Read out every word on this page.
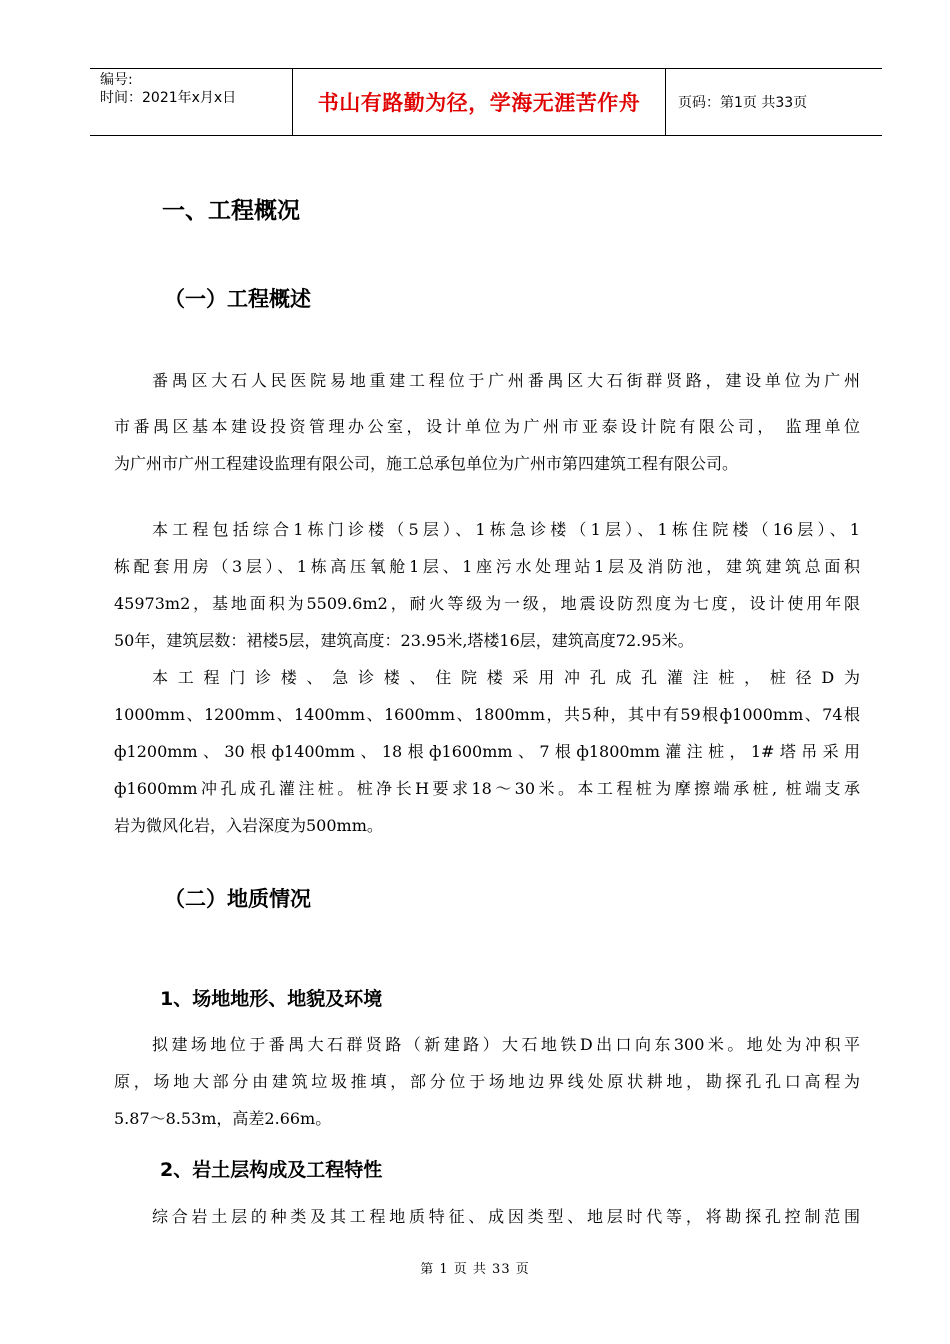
编号:
时间：2021年x月x日	书山有路勤为径，学海无涯苦作舟	页码：第1页 共33页
一、工程概况
（一）工程概述
番禺区大石人民医院易地重建工程位于广州番禺区大石街群贤路，建设单位为广州
市番禺区基本建设投资管理办公室，设计单位为广州市亚泰设计院有限公司， 监理单位
为广州市广州工程建设监理有限公司，施工总承包单位为广州市第四建筑工程有限公司。
本工程包括综合1栋门诊楼（5层）、1栋急诊楼（1层）、1栋住院楼（16层）、1
栋配套用房（3层）、1栋高压氧舱1层、1座污水处理站1层及消防池，建筑建筑总面积
45973m2，基地面积为5509.6m2，耐火等级为一级，地震设防烈度为七度，设计使用年限
50年，建筑层数：裙楼5层，建筑高度：23.95米,塔楼16层，建筑高度72.95米。
本工程门诊楼、急诊楼、住院楼采用冲孔成孔灌注桩，桩径D为
1000mm、1200mm、1400mm、1600mm、1800mm，共5种，其中有59根ф1000mm、74根
ф1200mm、30根ф1400mm、18根ф1600mm、7根ф1800mm灌注桩，1#塔吊采用
ф1600mm冲孔成孔灌注桩。桩净长H要求18～30米。本工程桩为摩擦端承桩, 桩端支承
岩为微风化岩，入岩深度为500mm。
（二）地质情况
1、场地地形、地貌及环境
拟建场地位于番禺大石群贤路（新建路）大石地铁D出口向东300米。地处为冲积平
原，场地大部分由建筑垃圾推填，部分位于场地边界线处原状耕地，勘探孔孔口高程为
5.87～8.53m，高差2.66m。
2、岩土层构成及工程特性
综合岩土层的种类及其工程地质特征、成因类型、地层时代等，将勘探孔控制范围
第 1 页 共 33 页
